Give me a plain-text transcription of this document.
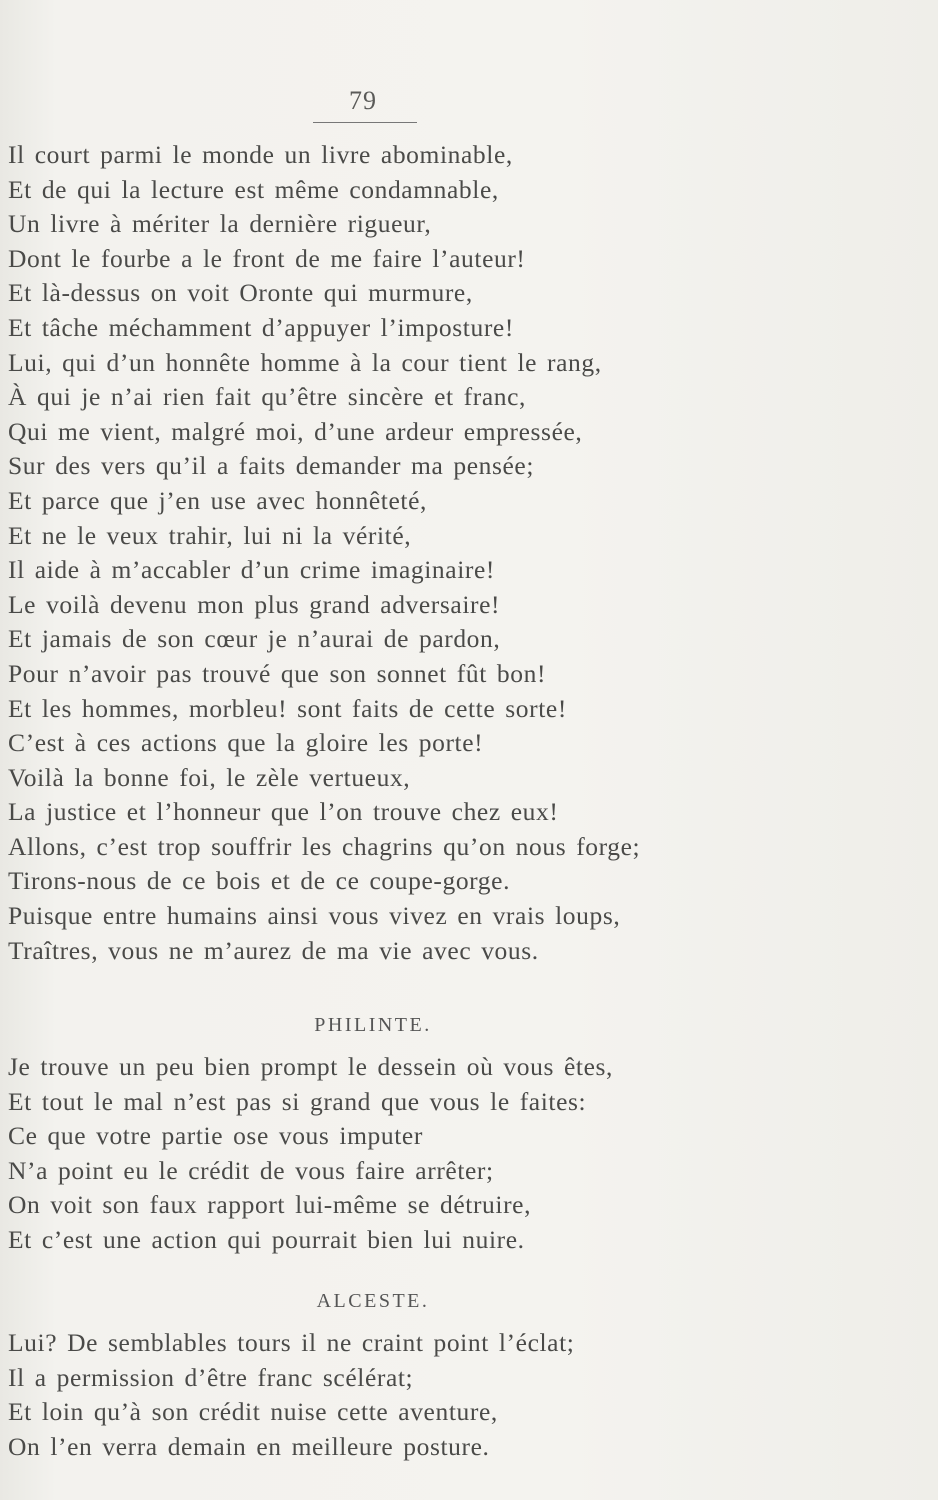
79
Il court parmi le monde un livre abominable,
Et de qui la lecture est même condamnable,
Un livre à mériter la dernière rigueur,
Dont le fourbe a le front de me faire l’auteur!
Et là-dessus on voit Oronte qui murmure,
Et tâche méchamment d’appuyer l’imposture!
Lui, qui d’un honnête homme à la cour tient le rang,
À qui je n’ai rien fait qu’être sincère et franc,
Qui me vient, malgré moi, d’une ardeur empressée,
Sur des vers qu’il a faits demander ma pensée;
Et parce que j’en use avec honnêteté,
Et ne le veux trahir, lui ni la vérité,
Il aide à m’accabler d’un crime imaginaire!
Le voilà devenu mon plus grand adversaire!
Et jamais de son cœur je n’aurai de pardon,
Pour n’avoir pas trouvé que son sonnet fût bon!
Et les hommes, morbleu! sont faits de cette sorte!
C’est à ces actions que la gloire les porte!
Voilà la bonne foi, le zèle vertueux,
La justice et l’honneur que l’on trouve chez eux!
Allons, c’est trop souffrir les chagrins qu’on nous forge;
Tirons-nous de ce bois et de ce coupe-gorge.
Puisque entre humains ainsi vous vivez en vrais loups,
Traîtres, vous ne m’aurez de ma vie avec vous.
PHILINTE.
Je trouve un peu bien prompt le dessein où vous êtes,
Et tout le mal n’est pas si grand que vous le faites:
Ce que votre partie ose vous imputer
N’a point eu le crédit de vous faire arrêter;
On voit son faux rapport lui-même se détruire,
Et c’est une action qui pourrait bien lui nuire.
ALCESTE.
Lui? De semblables tours il ne craint point l’éclat;
Il a permission d’être franc scélérat;
Et loin qu’à son crédit nuise cette aventure,
On l’en verra demain en meilleure posture.
